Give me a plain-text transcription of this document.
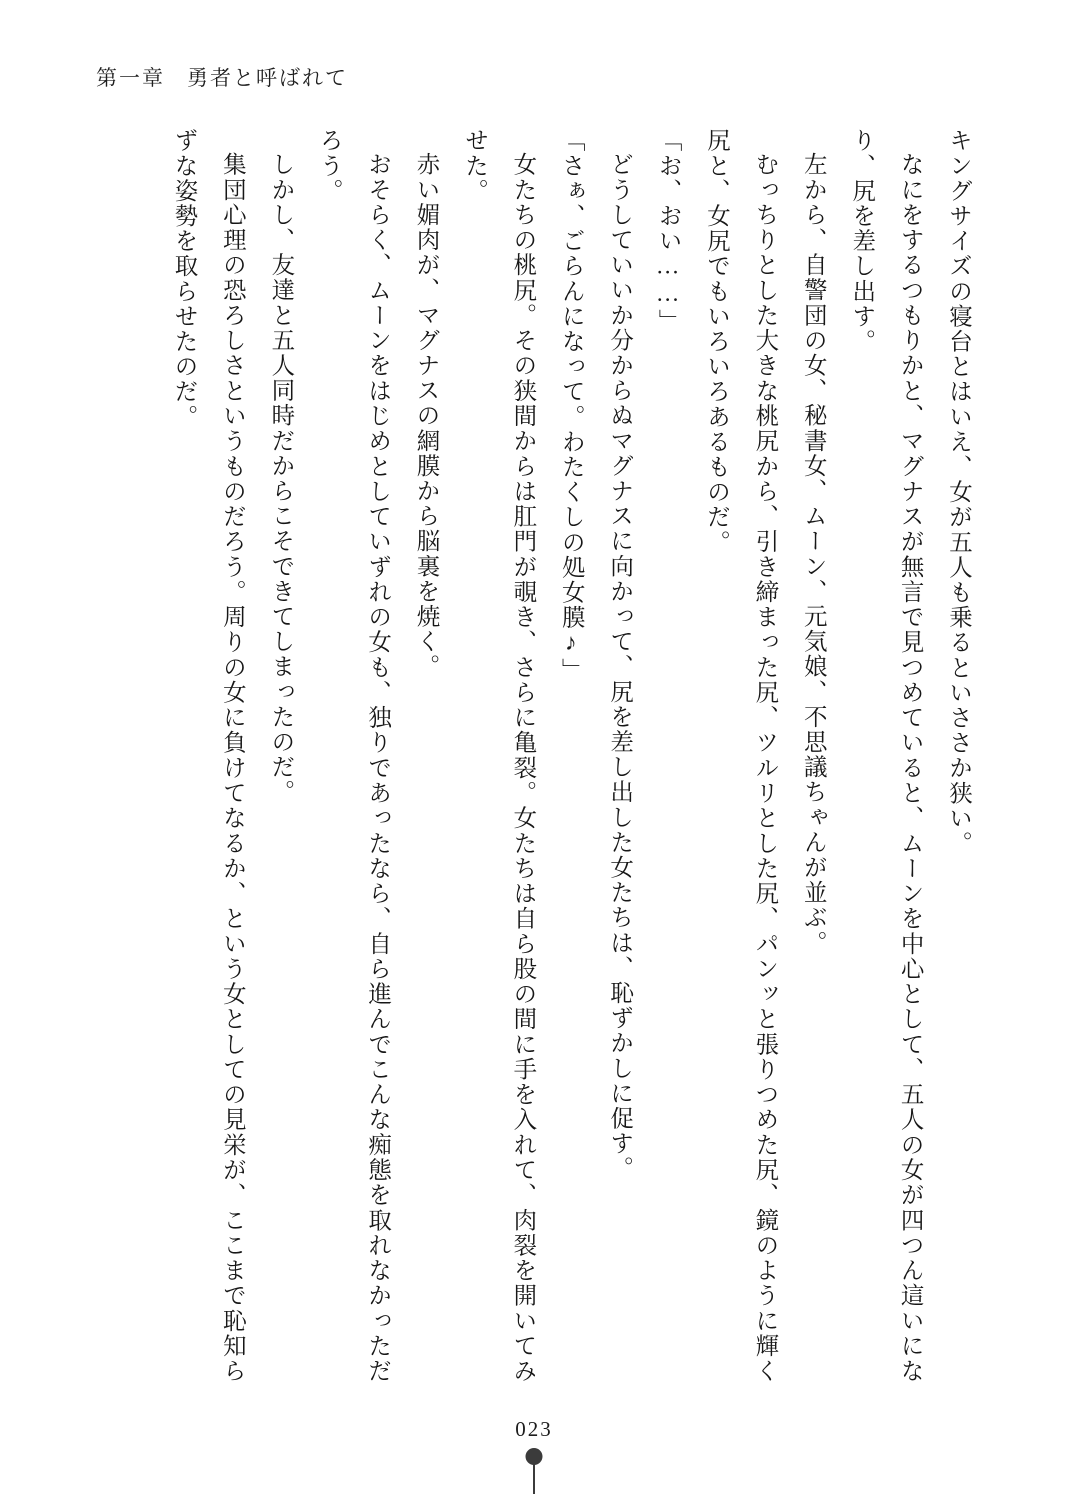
第一章 勇者と呼ばれて

キングサイズの寝台とはいえ、女が五人も乗るといささか狭い。

なにをするつもりかと、マグナスが無言で見つめていると、ムーンを中心として、五人の女が四つん這いになり、尻を差し出す。

左から、自警団の女、秘書女、ムーン、元気娘、不思議ちゃんが並ぶ。

むっちりとした大きな桃尻から、引き締まった尻、ツルリとした尻、パンッと張りつめた尻、鏡のように輝く尻と、女尻でもいろいろあるものだ。

「お、おい……」

どうしていいか分からぬマグナスに向かって、尻を差し出した女たちは、恥ずかしに促す。

「さぁ、ごらんになって。わたくしの処女膜♪」

女たちの桃尻。その狭間からは肛門が覗き、さらに亀裂。女たちは自ら股の間に手を入れて、肉裂を開いてみせた。

赤い媚肉が、マグナスの網膜から脳裏を焼く。

おそらく、ムーンをはじめとしていずれの女も、独りであったなら、自ら進んでこんな痴態を取れなかっただろう。

しかし、友達と五人同時だからこそできてしまったのだ。

集団心理の恐ろしさというものだろう。周りの女に負けてなるか、という女としての見栄が、ここまで恥知らずな姿勢を取らせたのだ。

023
